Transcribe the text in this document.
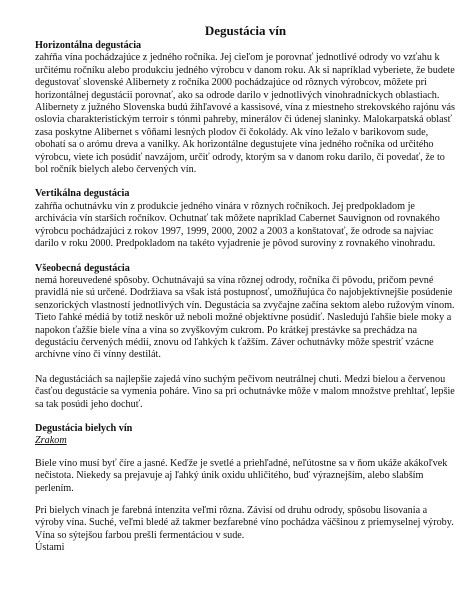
Degustácia vín
Horizontálna degustácia

zahŕňa vína pochádzajúce z jedného ročníka. Jej cieľom je porovnať jednotlivé odrody vo vzťahu k určitému ročníku alebo produkciu jedného výrobcu v danom roku. Ak si napríklad vyberiete, že budete degustovať slovenské Alibernety z ročníka 2000 pochádzajúce od rôznych výrobcov, môžete pri horizontálnej degustácii porovnať, ako sa odrode darilo v jednotlivých vinohradníckych oblastiach. Alibernety z južného Slovenska budú žihľavové a kassisové, vína z miestneho strekovského rajónu vás oslovia charakteristickým terroir s tónmi pahreby, minerálov či údenej slaninky. Malokarpatská oblasť zasa poskytne Alibernet s vôňami lesných plodov či čokolády. Ak víno ležalo v barikovom sude, obohatí sa o arómu dreva a vanilky. Ak horizontálne degustujete vína jedného ročníka od určitého výrobcu, viete ich posúdiť navzájom, určiť odrody, ktorým sa v danom roku darilo, či povedať, že to bol ročník bielych alebo červených vín.

Vertikálna degustácia

zahŕňa ochutnávku vín z produkcie jedného vinára v rôznych ročníkoch. Jej predpokladom je archivácia vín starších ročníkov. Ochutnať tak môžete napríklad Cabernet Sauvignon od rovnakého výrobcu pochádzajúci z rokov 1997, 1999, 2000, 2002 a 2003 a konštatovať, že odrode sa najviac darilo v roku 2000. Predpokladom na takéto vyjadrenie je pôvod suroviny z rovnakého vinohradu.

Všeobecná degustácia

nemá horeuvedené spôsoby. Ochutnávajú sa vína rôznej odrody, ročníka či pôvodu, pričom pevné pravidlá nie sú určené. Dodržiava sa však istá postupnosť, umožňujúca čo najobjektívnejšie posúdenie senzorických vlastností jednotlivých vín. Degustácia sa zvyčajne začína sektom alebo ružovým vínom. Tieto ľahké médiá by totiž neskôr už neboli možné objektívne posúdiť. Nasledujú ľahšie biele moky a napokon ťažšie biele vína a vína so zvyškovým cukrom. Po krátkej prestávke sa prechádza na degustáciu červených médií, znovu od ľahkých k ťažším. Záver ochutnávky môže spestriť vzácne archívne víno či vínny destilát.

Na degustáciách sa najlepšie zajedá víno suchým pečivom neutrálnej chuti. Medzi bielou a červenou časťou degustácie sa vymenia poháre. Vino sa pri ochutnávke môže v malom množstve prehltať, lepšie sa tak posúdi jeho dochuť.

Degustácia bielych vín
Zrakom

Biele víno musí byť číre a jasné. Keďže je svetlé a priehľadné, neľútostne sa v ňom ukáže akákoľvek nečistota. Niekedy sa prejavuje aj ľahký únik oxidu uhličitého, buď výraznejším, alebo slabším perlením.

Pri bielych vínach je farebná intenzita veľmi rôzna. Závisí od druhu odrody, spôsobu lisovania a výroby vína. Suché, veľmi bledé až takmer bezfarebné víno pochádza väčšinou z priemyselnej výroby. Vína so sýtejšou farbou prešli fermentáciou v sude.

Ústami
